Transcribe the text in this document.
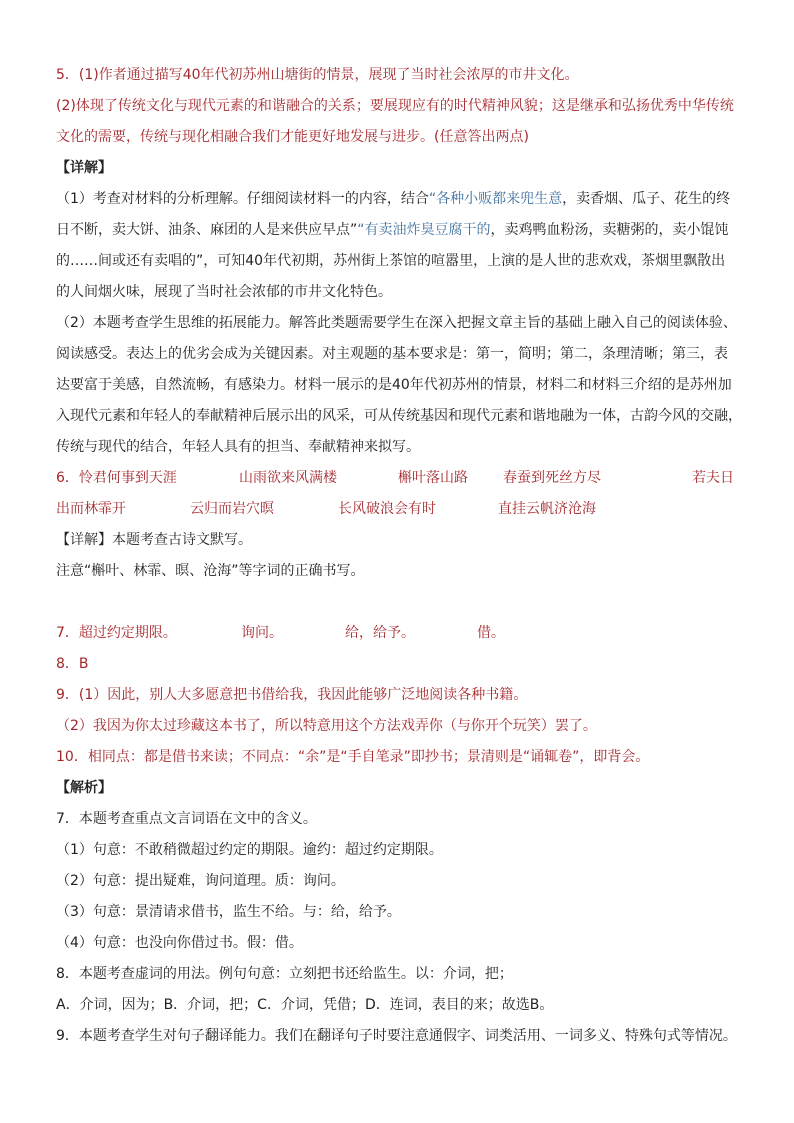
5．(1)作者通过描写40年代初苏州山塘街的情景，展现了当时社会浓厚的市井文化。
(2)体现了传统文化与现代元素的和谐融合的关系；要展现应有的时代精神风貌；这是继承和弘扬优秀中华传统
文化的需要，传统与现化相融合我们才能更好地发展与进步。(任意答出两点)
【详解】
（1）考查对材料的分析理解。仔细阅读材料一的内容，结合“各种小贩都来兜生意，卖香烟、瓜子、花生的终
日不断，卖大饼、油条、麻团的人是来供应早点”“有卖油炸臭豆腐干的，卖鸡鸭血粉汤，卖糖粥的，卖小馄饨
的……间或还有卖唱的”，可知40年代初期，苏州街上茶馆的喧嚣里，上演的是人世的悲欢戏，茶烟里飘散出
的人间烟火味，展现了当时社会浓郁的市井文化特色。
（2）本题考查学生思维的拓展能力。解答此类题需要学生在深入把握文章主旨的基础上融入自己的阅读体验、
阅读感受。表达上的优劣会成为关键因素。对主观题的基本要求是：第一，简明；第二，条理清晰；第三，表
达要富于美感，自然流畅，有感染力。材料一展示的是40年代初苏州的情景，材料二和材料三介绍的是苏州加
入现代元素和年轻人的奉献精神后展示出的风采，可从传统基因和现代元素和谐地融为一体，古韵今风的交融，
传统与现代的结合，年轻人具有的担当、奉献精神来拟写。
6．怜君何事到天涯	山雨欲来风满楼	槲叶落山路	春蚕到死丝方尽	若夫日
出而林霏开	云归而岩穴暝	长风破浪会有时	直挂云帆济沧海
【详解】本题考查古诗文默写。
注意“槲叶、林霏、暝、沧海”等字词的正确书写。
7．超过约定期限。	询问。	给，给予。	借。
8．B
9．(1）因此，别人大多愿意把书借给我，我因此能够广泛地阅读各种书籍。
（2）我因为你太过珍藏这本书了，所以特意用这个方法戏弄你（与你开个玩笑）罢了。
10．相同点：都是借书来读；不同点：“余”是“手自笔录”即抄书；景清则是“诵辄卷”，即背会。
【解析】
7．本题考查重点文言词语在文中的含义。
（1）句意：不敢稍微超过约定的期限。逾约：超过约定期限。
（2）句意：提出疑难，询问道理。质：询问。
（3）句意：景清请求借书，监生不给。与：给，给予。
（4）句意：也没向你借过书。假：借。
8．本题考查虚词的用法。例句句意：立刻把书还给监生。以：介词，把；
A．介词，因为；B．介词，把；C．介词，凭借；D．连词，表目的来；故选B。
9．本题考查学生对句子翻译能力。我们在翻译句子时要注意通假字、词类活用、一词多义、特殊句式等情况。
